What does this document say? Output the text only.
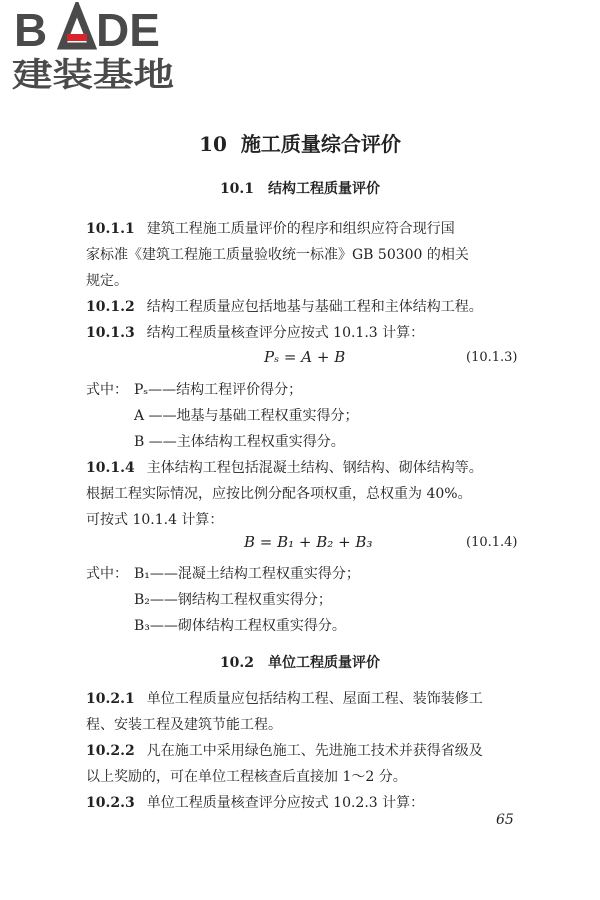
B DE
建装基地
10 施工质量综合评价
10.1　 结构工程质量评价

10.1.1 建筑工程施工质量评价的程序和组织应符合现行国

家标准《建筑工程施工质量验收统一标准》GB 50300 的相关

规定。

10.1.2 结构工程质量应包括地基与基础工程和主体结构工程。

10.1.3 结构工程质量核查评分应按式 10.1.3 计算：

Pₛ = A + B	(10.1.3)

式中： Pₛ——结构工程评价得分；

A ——地基与基础工程权重实得分；

B ——主体结构工程权重实得分。

10.1.4 主体结构工程包括混凝土结构、钢结构、砌体结构等。

根据工程实际情况，应按比例分配各项权重，总权重为 40%。

可按式 10.1.4 计算：

B = B₁ + B₂ + B₃	(10.1.4)

式中： B₁——混凝土结构工程权重实得分；

B₂——钢结构工程权重实得分；

B₃——砌体结构工程权重实得分。

10.2　 单位工程质量评价

10.2.1 单位工程质量应包括结构工程、屋面工程、装饰装修工

程、安装工程及建筑节能工程。

10.2.2 凡在施工中采用绿色施工、先进施工技术并获得省级及

以上奖励的，可在单位工程核查后直接加 1～2 分。

10.2.3 单位工程质量核查评分应按式 10.2.3 计算：

65
